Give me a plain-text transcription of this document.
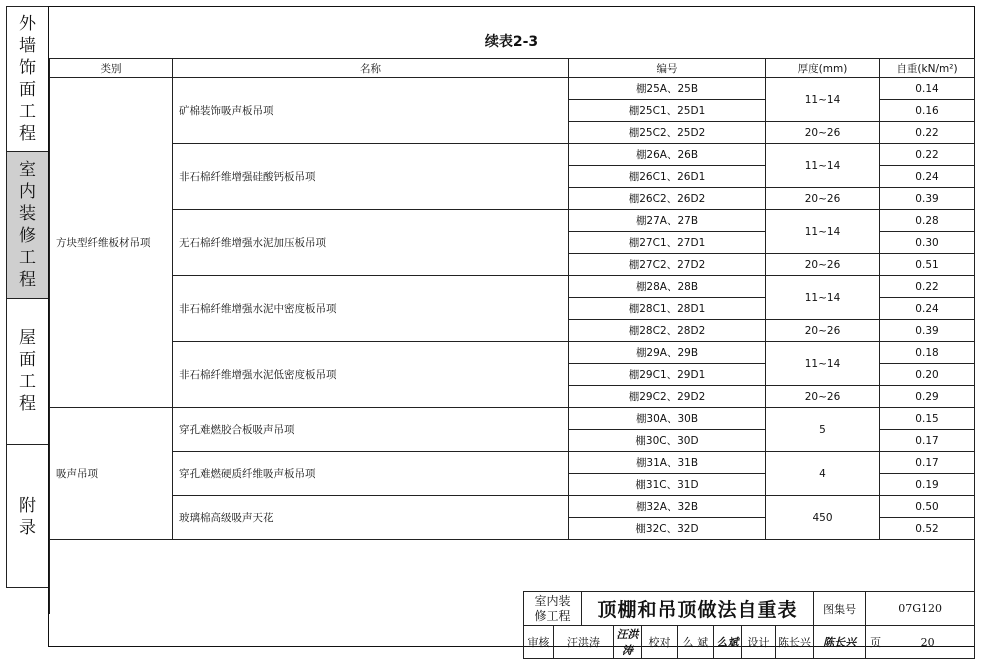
外墙饰面工程
室内装修工程
屋面工程
附录
续表2-3
类别	名称	编号	厚度(mm)	自重(kN/m²)
方块型纤维板材吊项	矿棉装饰吸声板吊项	棚25A、25B	11~14	0.14
		棚25C1、25D1		0.16
		棚25C2、25D2	20~26	0.22
	非石棉纤维增强硅酸钙板吊项	棚26A、26B	11~14	0.22
		棚26C1、26D1		0.24
		棚26C2、26D2	20~26	0.39
	无石棉纤维增强水泥加压板吊项	棚27A、27B	11~14	0.28
		棚27C1、27D1		0.30
		棚27C2、27D2	20~26	0.51
	非石棉纤维增强水泥中密度板吊项	棚28A、28B	11~14	0.22
		棚28C1、28D1		0.24
		棚28C2、28D2	20~26	0.39
	非石棉纤维增强水泥低密度板吊项	棚29A、29B	11~14	0.18
		棚29C1、29D1		0.20
		棚29C2、29D2	20~26	0.29
吸声吊项	穿孔难燃胶合板吸声吊项	棚30A、30B	5	0.15
		棚30C、30D		0.17
	穿孔难燃硬质纤维吸声板吊项	棚31A、31B	4	0.17
		棚31C、31D		0.19
	玻璃棉高级吸声天花	棚32A、32B	450	0.50
		棚32C、32D		0.52

室内装修工程		顶棚和吊顶做法自重表							图集号	07G120
审核	汪洪涛		汪洪涛	校对	么 斌	么斌	设计	陈长兴	陈长兴	页 20
